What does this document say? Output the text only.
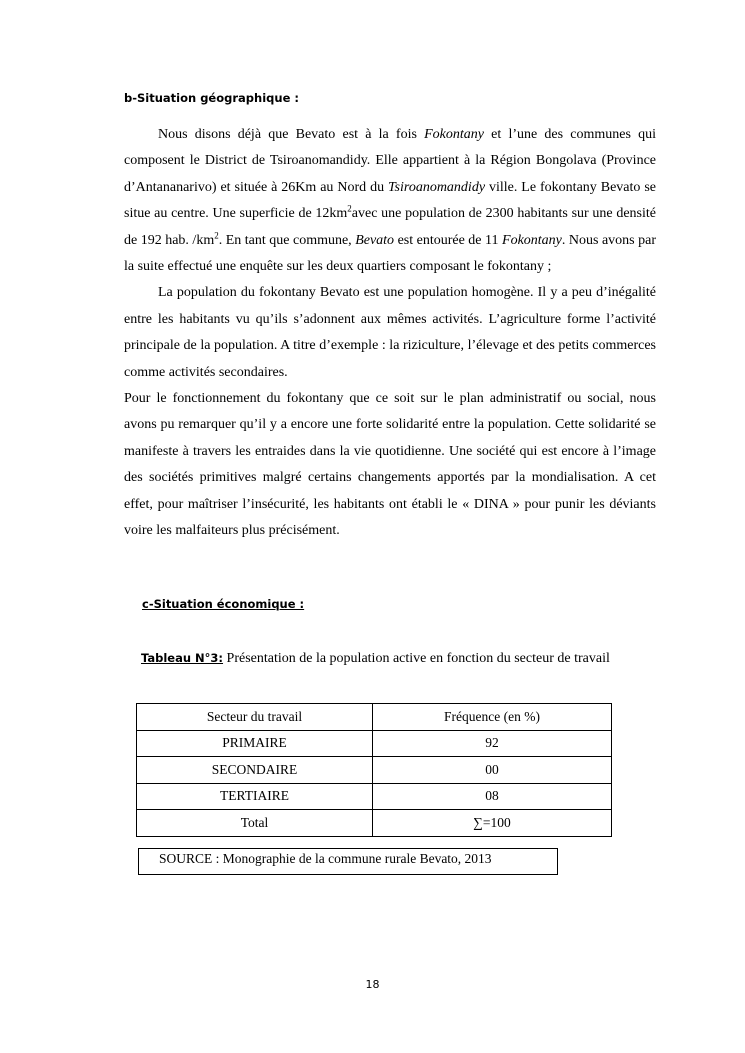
b-Situation géographique :

Nous disons déjà que Bevato est à la fois Fokontany et l’une des communes qui composent le District de Tsiroanomandidy. Elle appartient à la Région Bongolava (Province d’Antananarivo) et située à 26Km au Nord du Tsiroanomandidy ville. Le fokontany Bevato se situe au centre. Une superficie de $12km^2avec$ une population de 2300 habitants sur une densité de 192 hab. $/km^2$. En tant que commune, Bevato est entourée de 11 Fokontany. Nous avons par la suite effectué une enquête sur les deux quartiers composant le fokontany ;

La population du fokontany Bevato est une population homogène. Il y a peu d’inégalité entre les habitants vu qu’ils s’adonnent aux mêmes activités. L’agriculture forme l’activité principale de la population. A titre d’exemple : la riziculture, l’élevage et des petits commerces comme activités secondaires.

Pour le fonctionnement du fokontany que ce soit sur le plan administratif ou social, nous avons pu remarquer qu’il y a encore une forte solidarité entre la population. Cette solidarité se manifeste à travers les entraides dans la vie quotidienne. Une société qui est encore à l’image des sociétés primitives malgré certains changements apportés par la mondialisation. A cet effet, pour maîtriser l’insécurité, les habitants ont établi le « DINA » pour punir les déviants voire les malfaiteurs plus précisément.

c-Situation économique :
Tableau N°3: Présentation de la population active en fonction du secteur de travail
Secteur du travail	Fréquence (en %)
PRIMAIRE	92
SECONDAIRE	00
TERTIAIRE	08
Total	∑=100
SOURCE : Monographie de la commune rurale Bevato, 2013
18
